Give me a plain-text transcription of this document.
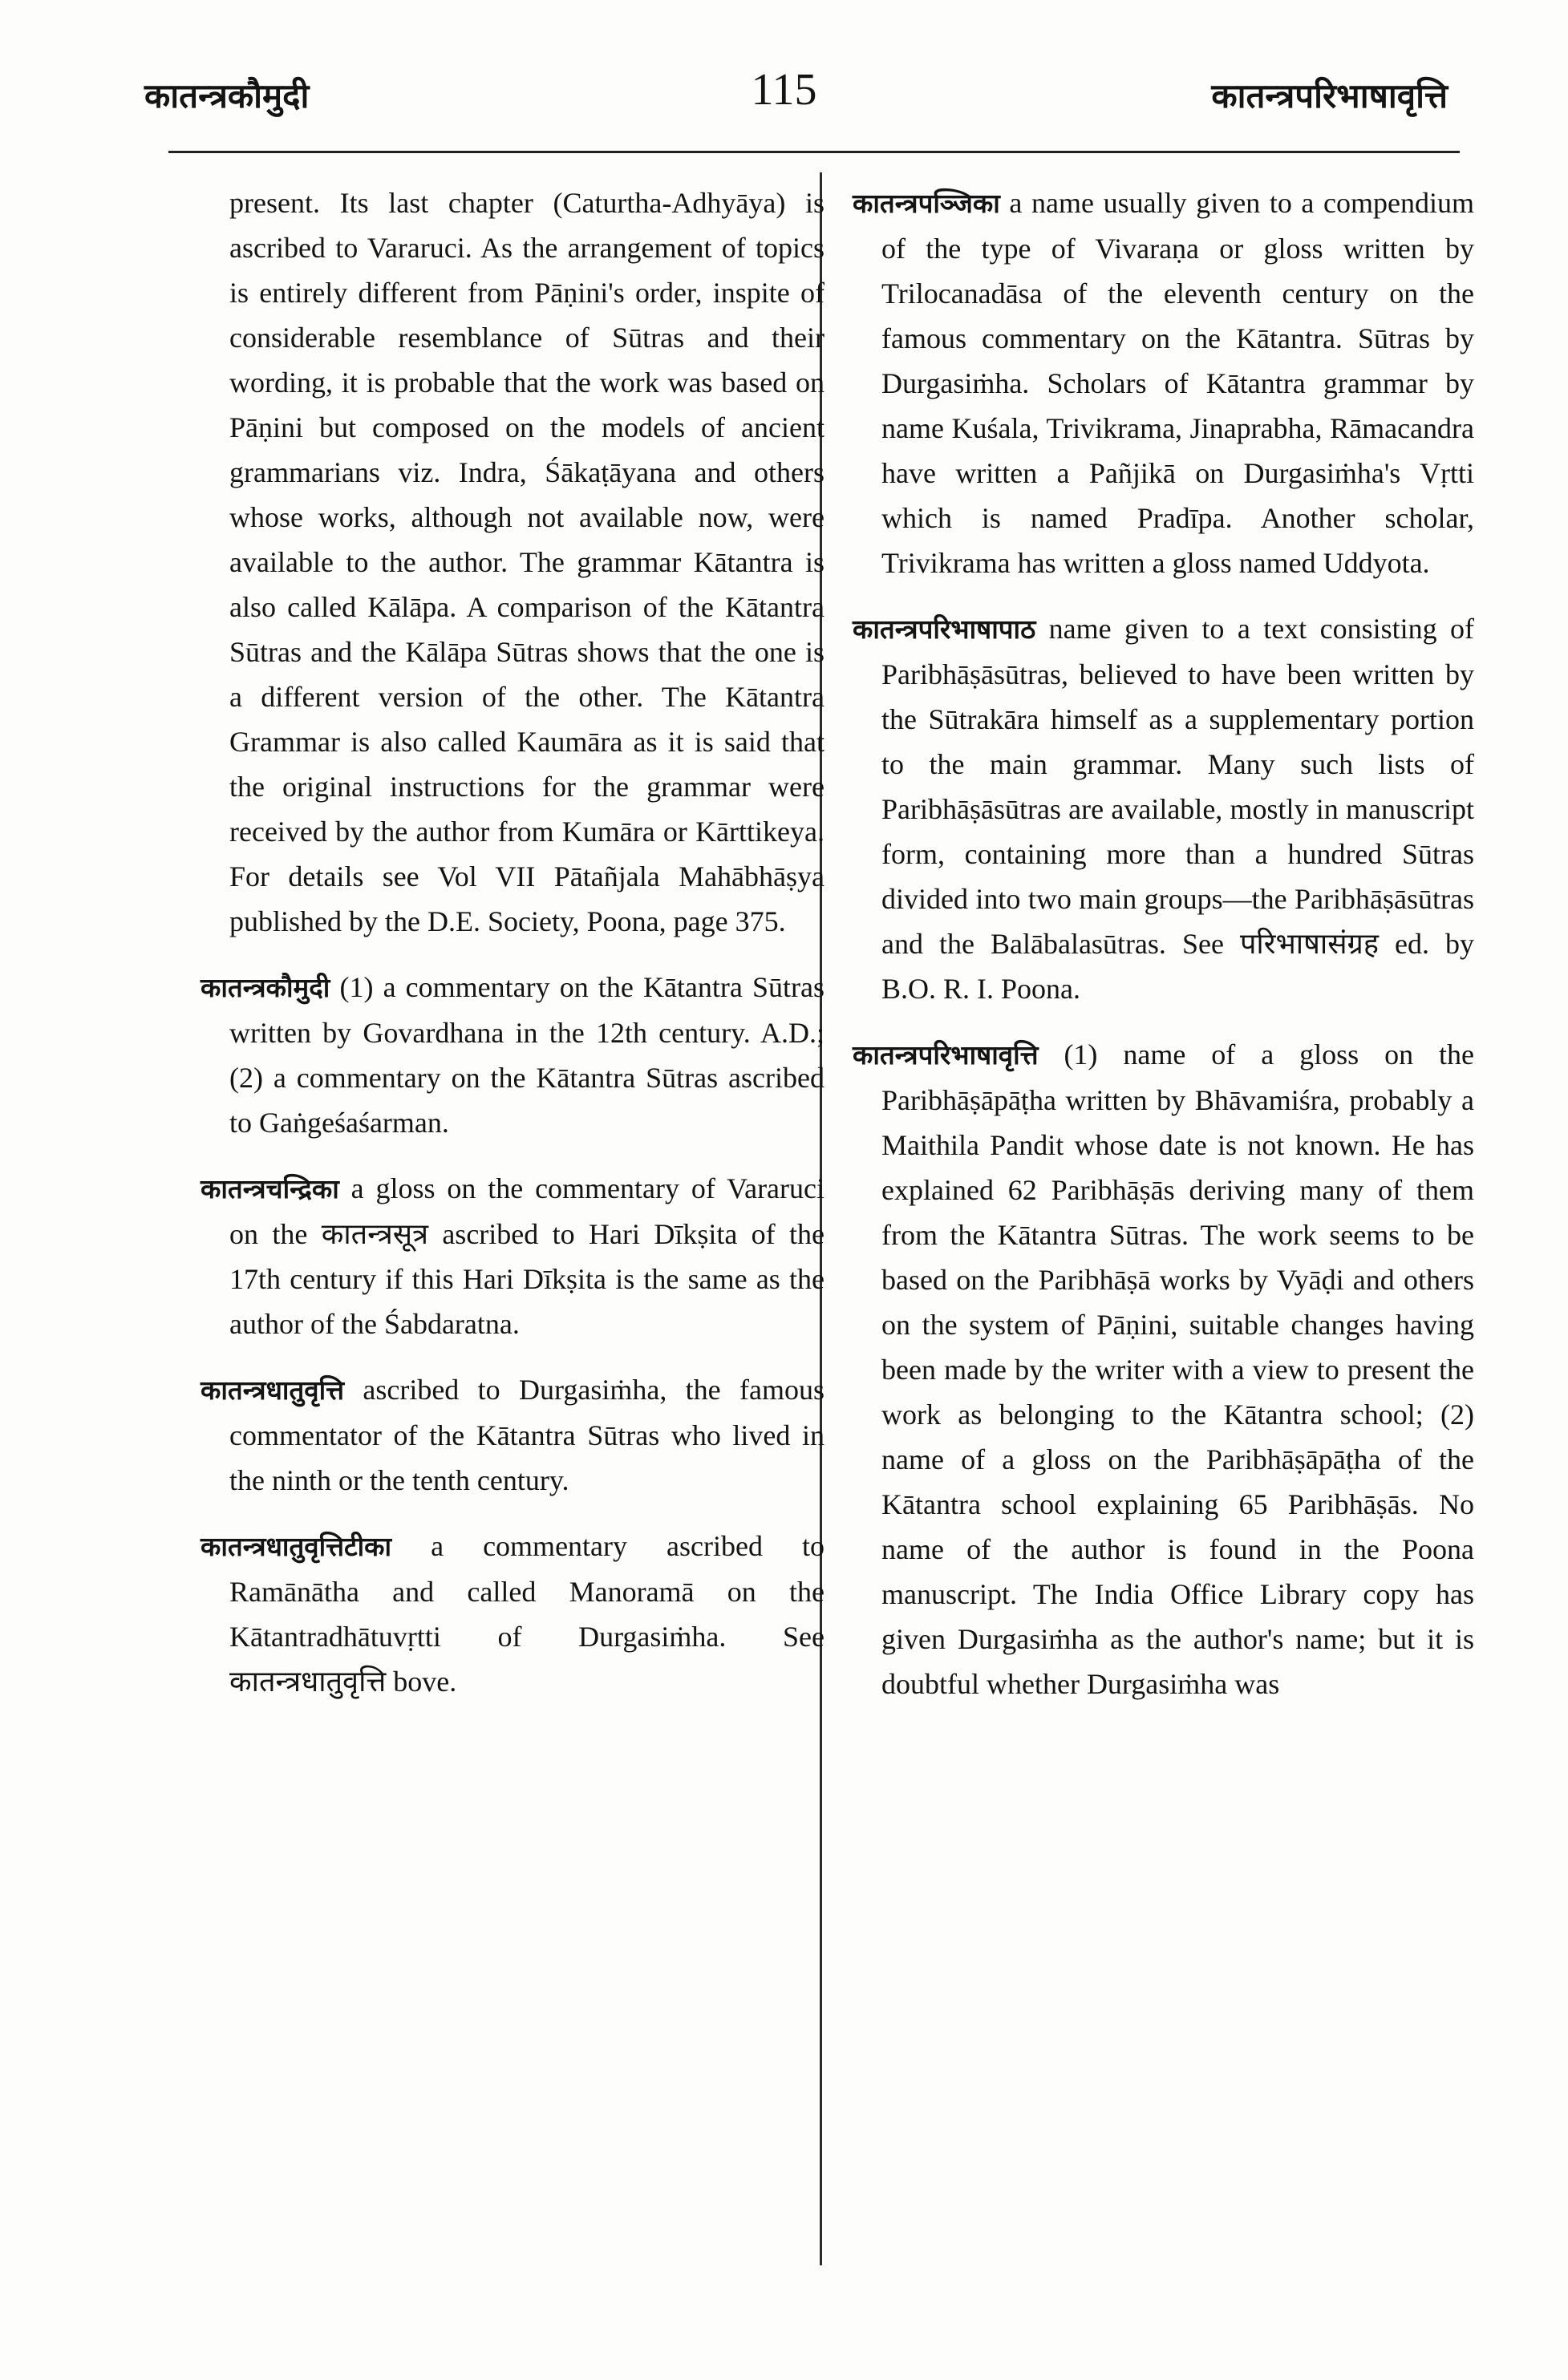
कातन्त्रकौमुदी	115	कातन्त्रपरिभाषावृत्ति

present. Its last chapter (Caturtha-Adhyāya) is ascribed to Vararuci. As the arrangement of topics is entirely different from Pāṇini's order, inspite of considerable resemblance of Sūtras and their wording, it is probable that the work was based on Pāṇini but composed on the models of ancient grammarians viz. Indra, Śākaṭāyana and others whose works, although not available now, were available to the author. The grammar Kātantra is also called Kālāpa. A comparison of the Kātantra Sūtras and the Kālāpa Sūtras shows that the one is a different version of the other. The Kātantra Grammar is also called Kaumāra as it is said that the original instructions for the grammar were received by the author from Kumāra or Kārttikeya. For details see Vol VII Pātañjala Mahābhāṣya published by the D.E. Society, Poona, page 375.

कातन्त्रकौमुदी (1) a commentary on the Kātantra Sūtras written by Govardhana in the 12th century. A.D.; (2) a commentary on the Kātantra Sūtras ascribed to Gaṅgeśaśarman.

कातन्त्रचन्द्रिका a gloss on the commentary of Vararuci on the कातन्त्रसूत्र ascribed to Hari Dīkṣita of the 17th century if this Hari Dīkṣita is the same as the author of the Śabdaratna.

कातन्त्रधातुवृत्ति ascribed to Durgasiṁha, the famous commentator of the Kātantra Sūtras who lived in the ninth or the tenth century.

कातन्त्रधातुवृत्तिटीका a commentary ascribed to Ramānātha and called Manoramā on the Kātantradhātuvṛtti of Durgasiṁha. See कातन्त्रधातुवृत्ति bove.

कातन्त्रपञ्जिका a name usually given to a compendium of the type of Vivaraṇa or gloss written by Trilocanadāsa of the eleventh century on the famous commentary on the Kātantra. Sūtras by Durgasiṁha. Scholars of Kātantra grammar by name Kuśala, Trivikrama, Jinaprabha, Rāmacandra have written a Pañjikā on Durgasiṁha's Vṛtti which is named Pradīpa. Another scholar, Trivikrama has written a gloss named Uddyota.

कातन्त्रपरिभाषापाठ name given to a text consisting of Paribhāṣāsūtras, believed to have been written by the Sūtrakāra himself as a supplementary portion to the main grammar. Many such lists of Paribhāṣāsūtras are available, mostly in manuscript form, containing more than a hundred Sūtras divided into two main groups—the Paribhāṣāsūtras and the Balābalasūtras. See परिभाषासंग्रह ed. by B.O. R. I. Poona.

कातन्त्रपरिभाषावृत्ति (1) name of a gloss on the Paribhāṣāpāṭha written by Bhāvamiśra, probably a Maithila Pandit whose date is not known. He has explained 62 Paribhāṣās deriving many of them from the Kātantra Sūtras. The work seems to be based on the Paribhāṣā works by Vyāḍi and others on the system of Pāṇini, suitable changes having been made by the writer with a view to present the work as belonging to the Kātantra school; (2) name of a gloss on the Paribhāṣāpāṭha of the Kātantra school explaining 65 Paribhāṣās. No name of the author is found in the Poona manuscript. The India Office Library copy has given Durgasiṁha as the author's name; but it is doubtful whether Durgasiṁha was
